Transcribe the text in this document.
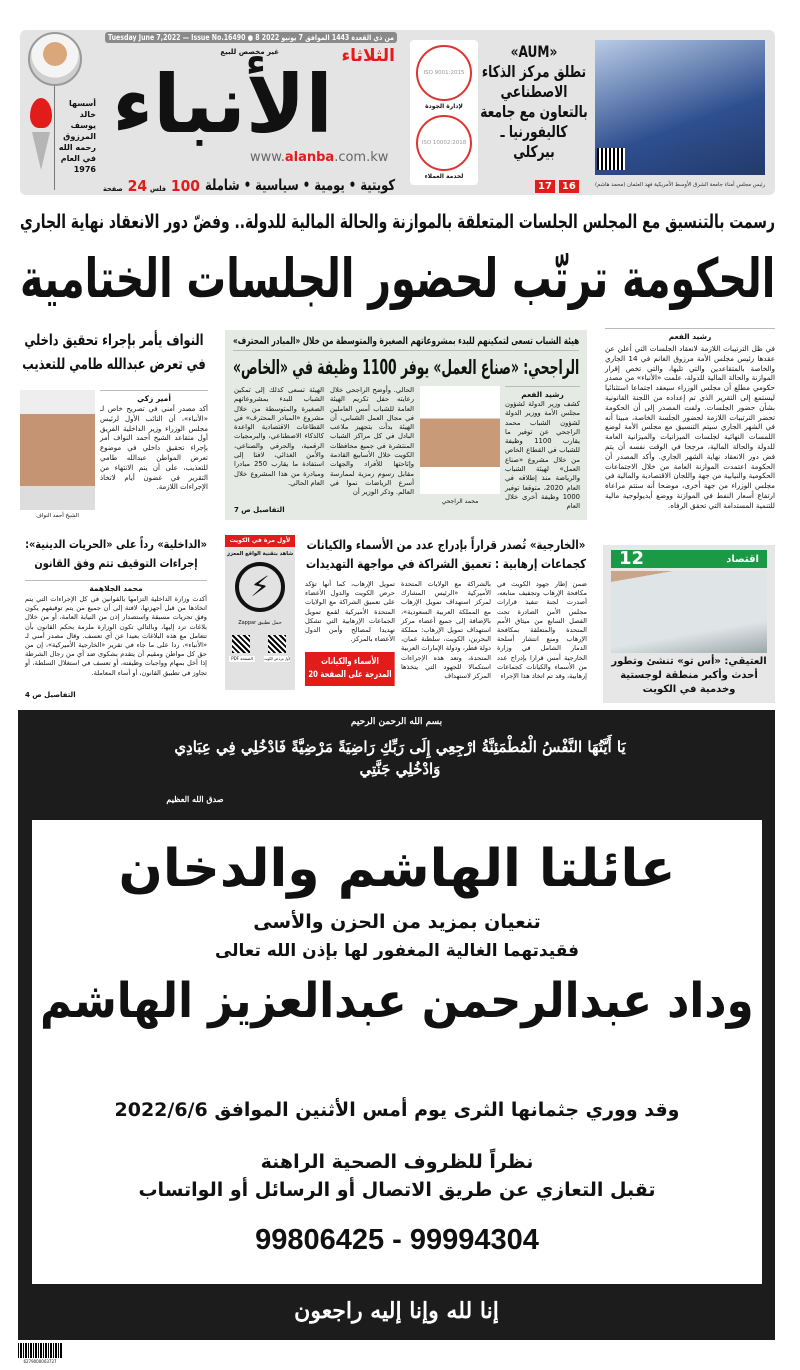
Tuesday June 7,2022 — Issue No.16490 ● 8 من ذي القعدة 1443 الموافق 7 يونيو 2022
أسسها خالد يوسف المرزوق رحمه الله في العام 1976
الأنباء
الثلاثاء
غير مخصص للبيع
www.alanba.com.kw
كويتية • يومية • سياسية • شاملة
100 فلس
24 صفحة
ISO 9001:2015
لإدارة الجودة
ISO 10002:2018
لخدمة العملاء
«AUM»
تطلق مركز الذكاء الاصطناعي بالتعاون مع جامعة كاليفورنيا ـ بيركلي
17	16	رئيس مجلس أمناء جامعة الشرق الأوسط الأمريكية فهد العثمان (محمد هاشم)
رسمت بالتنسيق مع المجلس الجلسات المتعلقة بالموازنة والحالة المالية للدولة.. وفضّ دور الانعقاد نهاية الجاري
الحكومة ترتّب لحضور الجلسات الختامية
رشيد الفعم
في ظل الترتيبات اللازمة لانعقاد الجلسات التي أعلن عن عقدها رئيس مجلس الأمة مرزوق الغانم في 14 الجاري والخاصة بالمتقاعدين والتي تليها، والتي تخص إقرار الموازنة والحالة المالية للدولة، علمت «الأنباء» من مصدر حكومي مطلع أن مجلس الوزراء سيعقد اجتماعا استثنائيا ليستمع إلى التقرير الذي تم إعداده من اللجنة القانونية بشأن حضور الجلسات. ولفت المصدر إلى أن الحكومة تحضر الترتيبات اللازمة لحضور الجلسة الخاصة، مبينا أنه في الشهر الجاري سيتم التنسيق مع مجلس الأمة لوضع اللمسات النهائية لجلسات الميزانيات والميزانية العامة للدولة والحالة المالية، مرجحا في الوقت نفسه أن يتم فض دور الانعقاد نهاية الشهر الجاري. وأكد المصدر أن الحكومة اعتمدت الموازنة العامة من خلال الاجتماعات الحكومية والنيابية من جهة واللجان الاقتصادية والمالية في مجلس الوزراء من جهة أخرى، موضحا أنه ستتم مراعاة ارتفاع أسعار النفط في الموازنة ووضع أيديولوجية مالية للتنمية المستدامة التي تحقق الرفاه.
هيئة الشباب تسعى لتمكينهم للبدء بمشروعاتهم الصغيرة والمتوسطة من خلال «المبادر المحترف»
الراجحي: «صناع العمل» يوفر 1100 وظيفة في «الخاص»
رشيد الفعم
كشف وزير الدولة لشؤون مجلس الأمة ووزير الدولة لشؤون الشباب محمد الراجحي عن توفير ما يقارب 1100 وظيفة للشباب في القطاع الخاص من خلال مشروع «صناع العمل» لهيئة الشباب والرياضة منذ إطلاقه في العام 2020، متوقعا توفير 1000 وظيفة أخرى خلال العام
محمد الراجحي
الحالي. وأوضح الراجحي خلال رعايته حفل تكريم الهيئة العامة للشباب أمس العاملين في مجال العمل الشبابي، أن الهيئة بدأت بتجهيز ملاعب البادل في كل مراكز الشباب المنتشرة في جميع محافظات الكويت خلال الأسابيع القادمة وإتاحتها للأفراد والجهات مقابل رسوم رمزية لممارسة أسرع الرياضات نموا في العالم. وذكر الوزير أن
الهيئة تسعى كذلك إلى تمكين الشباب للبدء بمشروعاتهم الصغيرة والمتوسطة من خلال مشروع «المبادر المحترف» في القطاعات الاقتصادية الواعدة كالذكاء الاصطناعي، والبرمجيات الرقمية، والحرفي والصناعي، والأمن الغذائي، لافتا إلى استفادة ما يقارب 250 مبادرا ومبادرة من هذا المشروع خلال العام الحالي.
التفاصيل ص 7
النواف يأمر بإجراء تحقيق داخلي في تعرض عبدالله طامي للتعذيب
الشيخ أحمد النواف
أمير زكي
أكد مصدر أمني في تصريح خاص لـ «الأنباء»، أن النائب الأول لرئيس مجلس الوزراء وزير الداخلية الفريق أول متقاعد الشيخ أحمد النواف أمر بإجراء تحقيق داخلي في موضوع تعرض المواطن عبدالله طامي للتعذيب، على أن يتم الانتهاء من التقرير في غضون أيام لاتخاذ الإجراءات اللازمة.
12	اقتصاد
العتيقي: «أس تو» تنشئ وتطور أحدث وأكبر منطقة لوجستية وخدمية في الكويت
«الخارجية» تُصدر قراراً بإدراج عدد من الأسماء والكيانات كجماعات إرهابية : تعميق الشراكة في مواجهة التهديدات
ضمن إطار جهود الكويت في مكافحة الإرهاب وتجفيف منابعه، أصدرت لجنة تنفيذ قرارات مجلس الأمن الصادرة تحت الفصل السابع من ميثاق الأمم المتحدة والمتعلقة بمكافحة الإرهاب ومنع انتشار أسلحة الدمار الشامل في وزارة الخارجية أمس قرارا بإدراج عدد من الأسماء والكيانات كجماعات إرهابية، وقد تم اتخاذ هذا الإجراء
بالشراكة مع الولايات المتحدة الأميركية «الرئيس المشارك لمركز استهداف تمويل الإرهاب مع المملكة العربية السعودية»، بالإضافة إلى جميع أعضاء مركز استهداف تمويل الإرهاب: مملكة البحرين، الكويت، سلطنة عمان، دولة قطر، ودولة الإمارات العربية المتحدة، وتعد هذه الإجراءات استكمالا للجهود التي يتخذها المركز لاستهداف
تمويل الإرهاب، كما أنها تؤكد حرص الكويت والدول الأعضاء على تعميق الشراكة مع الولايات المتحدة الأميركية لقمع تمويل الجماعات الإرهابية التي تشكل تهديدا لمصالح وأمن الدول الأعضاء بالمركز.
الأسماء والكيانات المدرجة على الصفحة 20
لأول مرة في الكويت
شاهد بتقنية الواقع المعزز
⚡
حمل تطبيق Zappar
الصفحة PDF	لأول مرة في الكويت
«الداخلية» رداً على «الحريات الدينية»: إجراءات التوقيف تتم وفق القانون
محمد الجلاهمة
أكدت وزارة الداخلية التزامها بالقوانين في كل الإجراءات التي يتم اتخاذها من قبل أجهزتها، لافتة إلى أن جميع من يتم توقيفهم يكون وفق تحريات مسبقة واستصدار إذن من النيابة العامة، أو من خلال بلاغات ترد إليها، وبالتالي تكون الوزارة ملزمة بحكم القانون بأن تتعامل مع هذه البلاغات بعيدا عن أي تعسف. وقال مصدر أمني لـ «الأنباء»، ردا على ما جاء في تقرير «الخارجية الأميركية»، إن من حق كل مواطن ومقيم أن يتقدم بشكوى ضد أي من رجال الشرطة إذا أخل بمهام وواجبات وظيفته، أو تعسف في استغلال السلطة، أو تجاوز في تطبيق القانون، أو أساء المعاملة.
التفاصيل ص 4
بسم الله الرحمن الرحيم
يَا أَيَّتُهَا النَّفْسُ الْمُطْمَئِنَّةُ ارْجِعِي إِلَى رَبِّكِ رَاضِيَةً مَرْضِيَّةً فَادْخُلِي فِي عِبَادِي وَادْخُلِي جَنَّتِي
صدق الله العظيم
عائلتا الهاشم والدخان
تنعيان بمزيد من الحزن والأسى
فقيدتهما الغالية المغفور لها بإذن الله تعالى
وداد عبدالرحمن عبدالعزيز الهاشم
وقد ووري جثمانها الثرى يوم أمس الأثنين الموافق 2022/6/6
نظراً للظروف الصحية الراهنة
تقبل التعازي عن طريق الاتصال أو الرسائل أو الواتساب
99806425 - 99994304
إنا لله وإنا إليه راجعون
6279000003727
